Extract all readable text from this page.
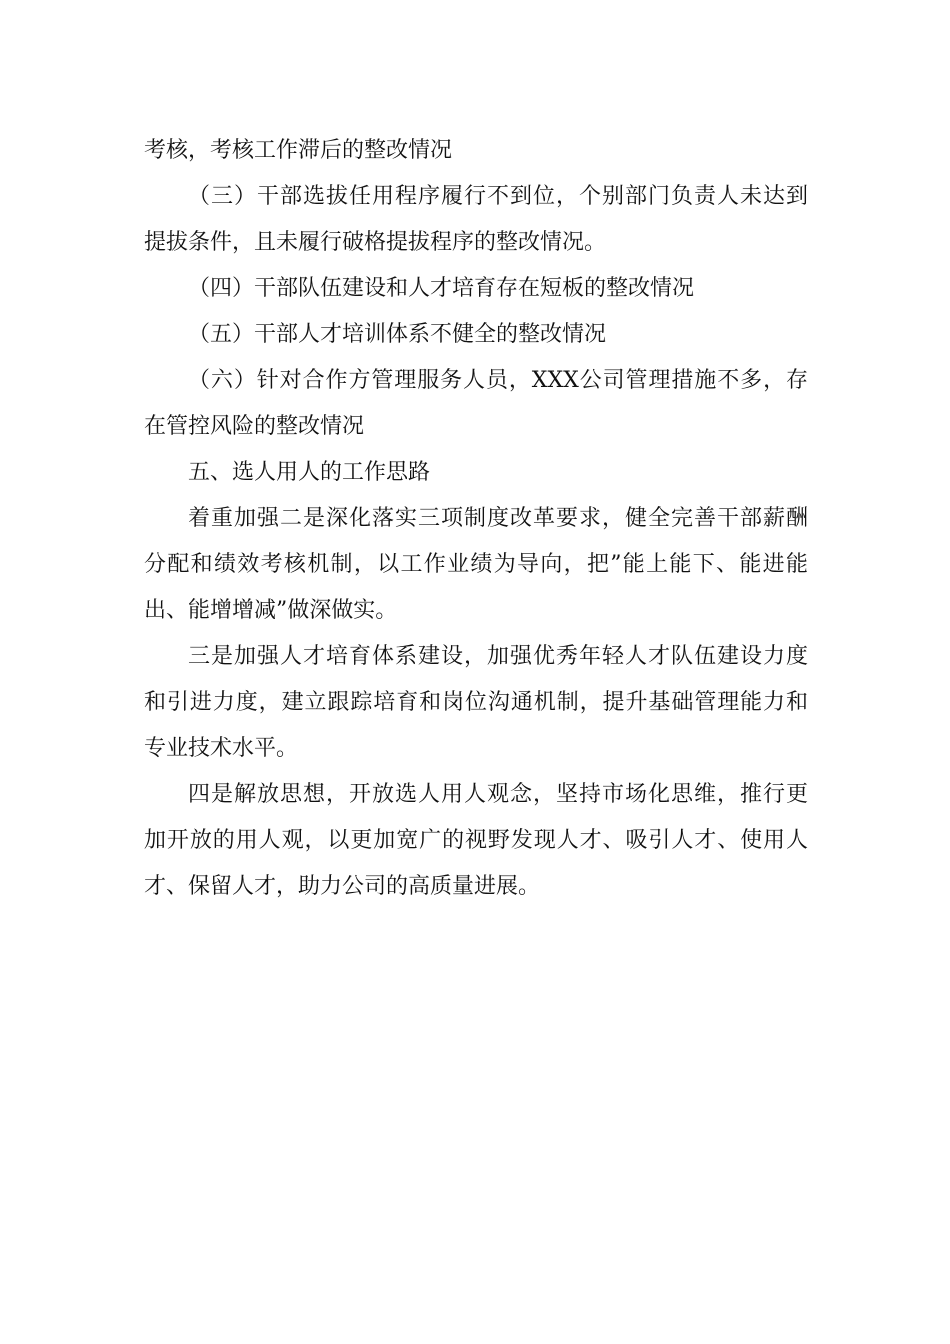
考核，考核工作滞后的整改情况

（三）干部选拔任用程序履行不到位，个别部门负责人未达到
提拔条件，且未履行破格提拔程序的整改情况。

（四）干部队伍建设和人才培育存在短板的整改情况

（五）干部人才培训体系不健全的整改情况

（六）针对合作方管理服务人员，XXX公司管理措施不多，存
在管控风险的整改情况

五、选人用人的工作思路

着重加强二是深化落实三项制度改革要求，健全完善干部薪酬
分配和绩效考核机制，以工作业绩为导向，把”能上能下、能进能
出、能增增减”做深做实。

三是加强人才培育体系建设，加强优秀年轻人才队伍建设力度
和引进力度，建立跟踪培育和岗位沟通机制，提升基础管理能力和
专业技术水平。

四是解放思想，开放选人用人观念，坚持市场化思维，推行更
加开放的用人观，以更加宽广的视野发现人才、吸引人才、使用人
才、保留人才，助力公司的高质量进展。
